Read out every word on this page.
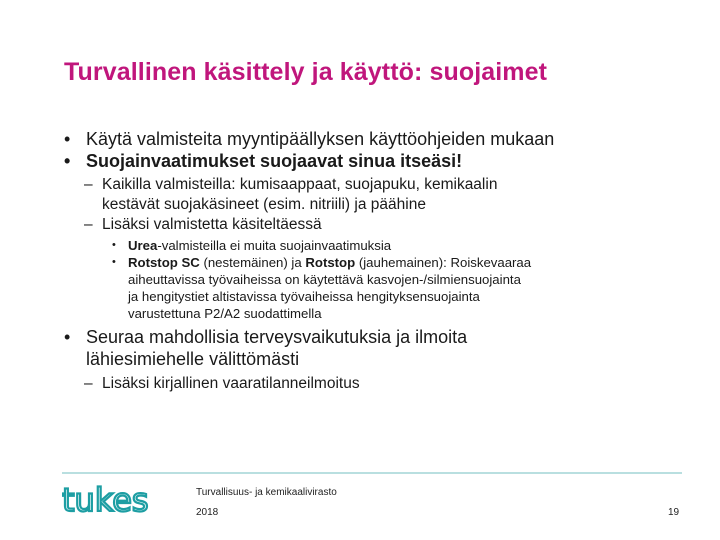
Turvallinen käsittely ja käyttö: suojaimet
• Käytä valmisteita myyntipäällyksen käyttöohjeiden mukaan
• Suojainvaatimukset suojaavat sinua itseäsi!
– Kaikilla valmisteilla: kumisaappaat, suojapuku, kemikaalin
kestävät suojakäsineet (esim. nitriili) ja päähine
– Lisäksi valmistetta käsiteltäessä
• Urea-valmisteilla ei muita suojainvaatimuksia
• Rotstop SC (nestemäinen) ja Rotstop (jauhemainen): Roiskevaaraa
aiheuttavissa työvaiheissa on käytettävä kasvojen-/silmiensuojainta
ja hengitystiet altistavissa työvaiheissa hengityksensuojainta
varustettuna P2/A2 suodattimella
• Seuraa mahdollisia terveysvaikutuksia ja ilmoita
lähiesimiehelle välittömästi
– Lisäksi kirjallinen vaaratilanneilmoitus
tukes	Turvallisuus- ja kemikaalivirasto
2018	19
